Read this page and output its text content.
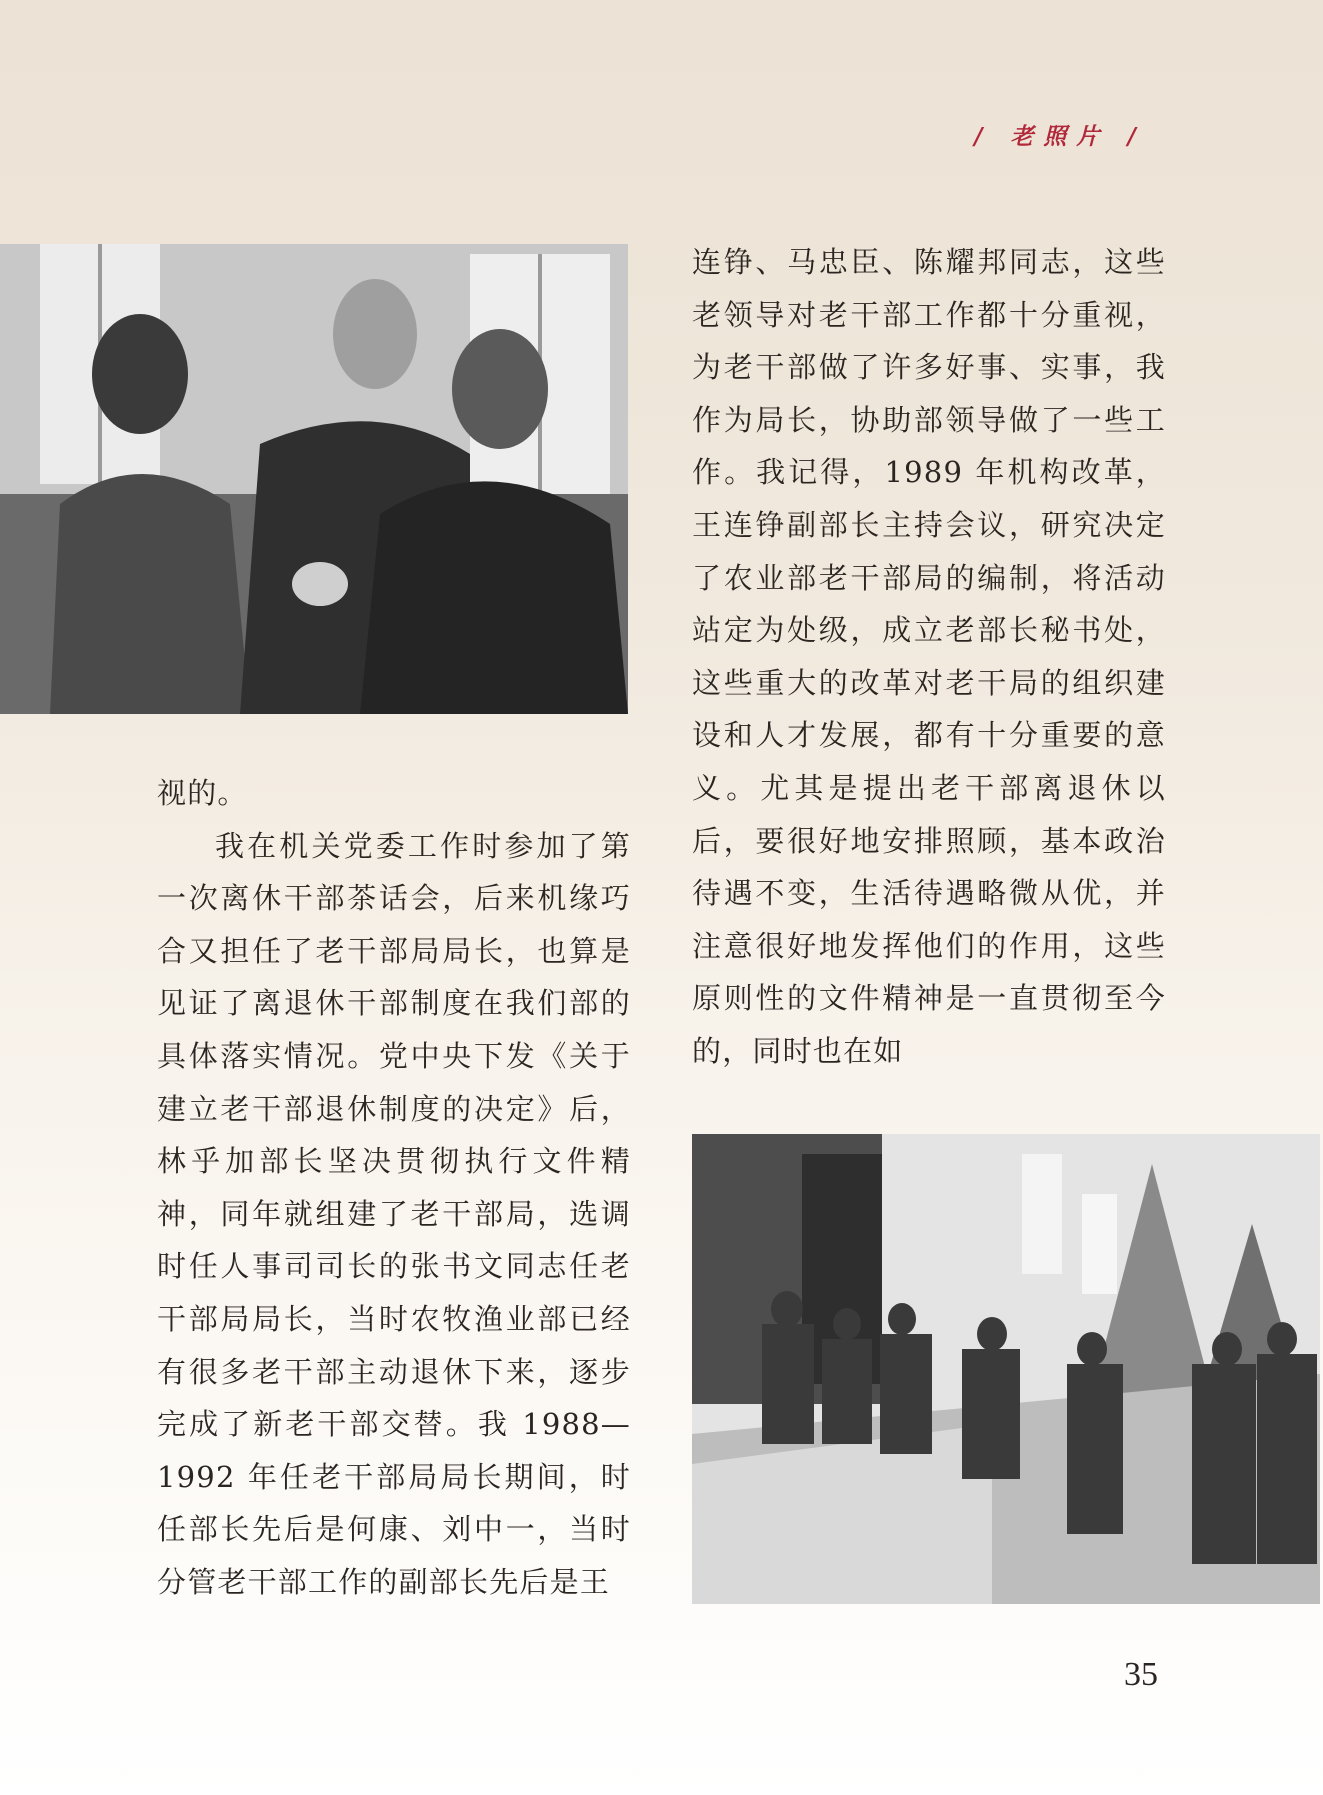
/ 老照片 /

视的。

我在机关党委工作时参加了第一次离休干部茶话会，后来机缘巧合又担任了老干部局局长，也算是见证了离退休干部制度在我们部的具体落实情况。党中央下发《关于建立老干部退休制度的决定》后，林乎加部长坚决贯彻执行文件精神，同年就组建了老干部局，选调时任人事司司长的张书文同志任老干部局局长，当时农牧渔业部已经有很多老干部主动退休下来，逐步完成了新老干部交替。我 1988—1992 年任老干部局局长期间，时任部长先后是何康、刘中一，当时分管老干部工作的副部长先后是王

连铮、马忠臣、陈耀邦同志，这些老领导对老干部工作都十分重视，为老干部做了许多好事、实事，我作为局长，协助部领导做了一些工作。我记得，1989 年机构改革，王连铮副部长主持会议，研究决定了农业部老干部局的编制，将活动站定为处级，成立老部长秘书处，这些重大的改革对老干局的组织建设和人才发展，都有十分重要的意义。尤其是提出老干部离退休以后，要很好地安排照顾，基本政治待遇不变，生活待遇略微从优，并注意很好地发挥他们的作用，这些原则性的文件精神是一直贯彻至今的，同时也在如

35
